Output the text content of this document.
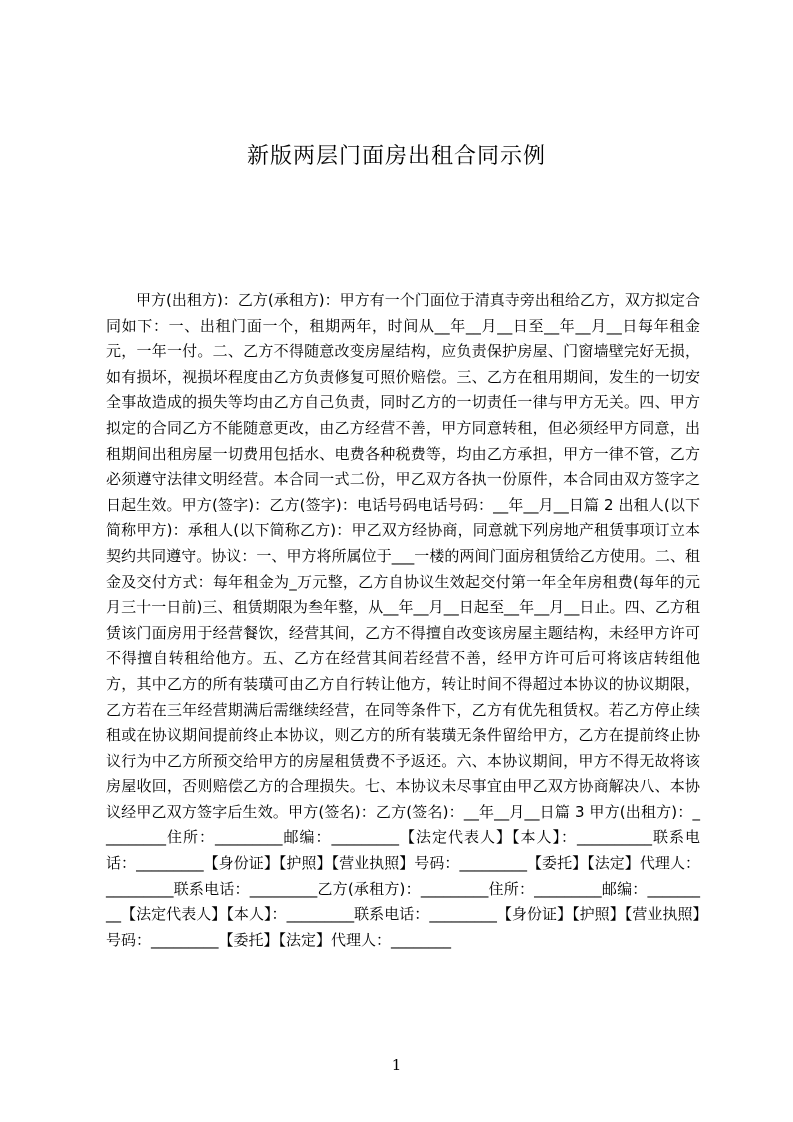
新版两层门面房出租合同示例

甲方(出租方)：乙方(承租方)：甲方有一个门面位于清真寺旁出租给乙方，双方拟定合同如下：一、出租门面一个，租期两年，时间从__年__月__日至__年__月__日每年租金元，一年一付。二、乙方不得随意改变房屋结构，应负责保护房屋、门窗墙壁完好无损，如有损坏，视损坏程度由乙方负责修复可照价赔偿。三、乙方在租用期间，发生的一切安全事故造成的损失等均由乙方自己负责，同时乙方的一切责任一律与甲方无关。四、甲方拟定的合同乙方不能随意更改，由乙方经营不善，甲方同意转租，但必须经甲方同意，出租期间出租房屋一切费用包括水、电费各种税费等，均由乙方承担，甲方一律不管，乙方必须遵守法律文明经营。本合同一式二份，甲乙双方各执一份原件，本合同由双方签字之日起生效。甲方(签字)：乙方(签字)：电话号码电话号码：__年__月__日篇 2 出租人(以下简称甲方)：承租人(以下简称乙方)：甲乙双方经协商，同意就下列房地产租赁事项订立本契约共同遵守。协议：一、甲方将所属位于___一楼的两间门面房租赁给乙方使用。二、租金及交付方式：每年租金为_万元整，乙方自协议生效起交付第一年全年房租费(每年的元月三十一日前)三、租赁期限为叁年整，从__年__月__日起至__年__月__日止。四、乙方租赁该门面房用于经营餐饮，经营其间，乙方不得擅自改变该房屋主题结构，未经甲方许可不得擅自转租给他方。五、乙方在经营其间若经营不善，经甲方许可后可将该店转组他方，其中乙方的所有装璜可由乙方自行转让他方，转让时间不得超过本协议的协议期限，乙方若在三年经营期满后需继续经营，在同等条件下，乙方有优先租赁权。若乙方停止续租或在协议期间提前终止本协议，则乙方的所有装璜无条件留给甲方，乙方在提前终止协议行为中乙方所预交给甲方的房屋租赁费不予返还。六、本协议期间，甲方不得无故将该房屋收回，否则赔偿乙方的合理损失。七、本协议未尽事宜由甲乙双方协商解决八、本协议经甲乙双方签字后生效。甲方(签名)：乙方(签名)：__年__月__日篇 3 甲方(出租方)：_________住所：_________邮编：_________【法定代表人】【本人】：__________联系电话：_________【身份证】【护照】【营业执照】号码：_________【委托】【法定】代理人：_________联系电话：_________乙方(承租方)：_________住所：_________邮编：_________【法定代表人】【本人】：_________联系电话：_________【身份证】【护照】【营业执照】号码：_________【委托】【法定】代理人：________

1
